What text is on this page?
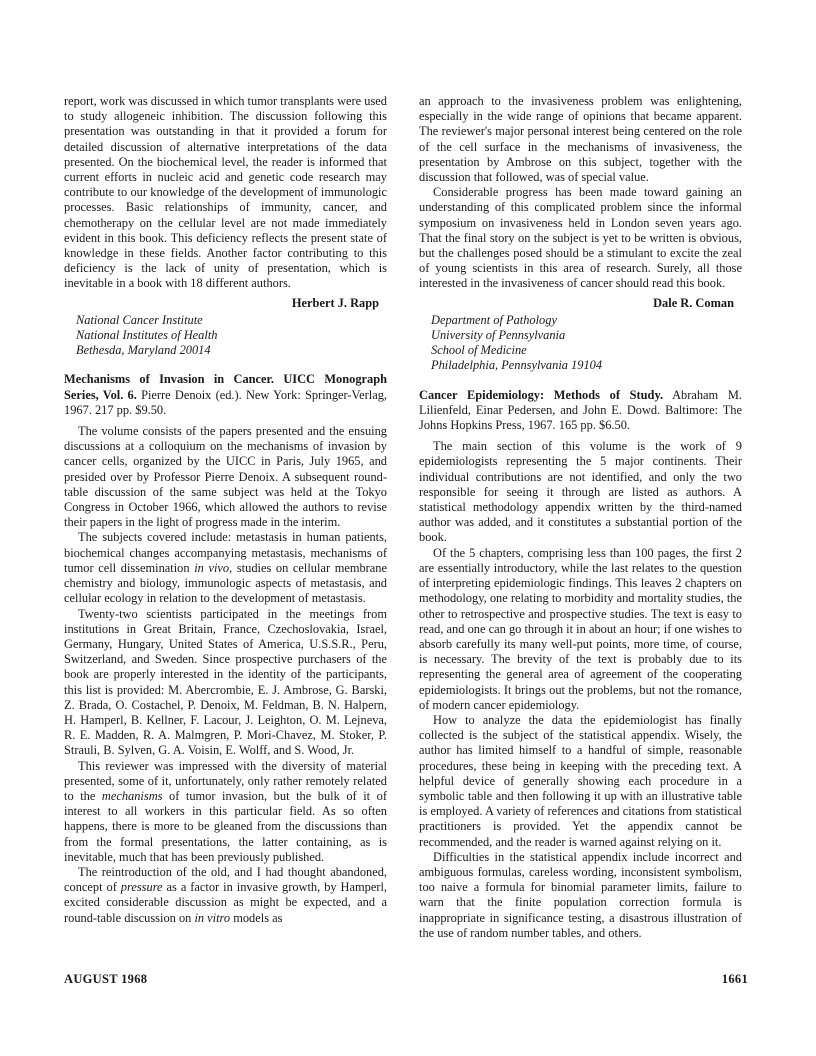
report, work was discussed in which tumor transplants were used to study allogeneic inhibition. The discussion following this presentation was outstanding in that it provided a forum for detailed discussion of alternative interpretations of the data presented. On the biochemical level, the reader is informed that current efforts in nucleic acid and genetic code research may contribute to our knowledge of the development of immunologic processes. Basic relationships of immunity, cancer, and chemotherapy on the cellular level are not made immediately evident in this book. This deficiency reflects the present state of knowledge in these fields. Another factor contributing to this deficiency is the lack of unity of presentation, which is inevitable in a book with 18 different authors.

Herbert J. Rapp

National Cancer Institute
National Institutes of Health
Bethesda, Maryland 20014

Mechanisms of Invasion in Cancer. UICC Monograph Series, Vol. 6. Pierre Denoix (ed.). New York: Springer-Verlag, 1967. 217 pp. $9.50.

The volume consists of the papers presented and the ensuing discussions at a colloquium on the mechanisms of invasion by cancer cells, organized by the UICC in Paris, July 1965, and presided over by Professor Pierre Denoix. A subsequent round-table discussion of the same subject was held at the Tokyo Congress in October 1966, which allowed the authors to revise their papers in the light of progress made in the interim.

The subjects covered include: metastasis in human patients, biochemical changes accompanying metastasis, mechanisms of tumor cell dissemination in vivo, studies on cellular membrane chemistry and biology, immunologic aspects of metastasis, and cellular ecology in relation to the development of metastasis.

Twenty-two scientists participated in the meetings from institutions in Great Britain, France, Czechoslovakia, Israel, Germany, Hungary, United States of America, U.S.S.R., Peru, Switzerland, and Sweden. Since prospective purchasers of the book are properly interested in the identity of the participants, this list is provided: M. Abercrombie, E. J. Ambrose, G. Barski, Z. Brada, O. Costachel, P. Denoix, M. Feldman, B. N. Halpern, H. Hamperl, B. Kellner, F. Lacour, J. Leighton, O. M. Lejneva, R. E. Madden, R. A. Malmgren, P. Mori-Chavez, M. Stoker, P. Strauli, B. Sylven, G. A. Voisin, E. Wolff, and S. Wood, Jr.

This reviewer was impressed with the diversity of material presented, some of it, unfortunately, only rather remotely related to the mechanisms of tumor invasion, but the bulk of it of interest to all workers in this particular field. As so often happens, there is more to be gleaned from the discussions than from the formal presentations, the latter containing, as is inevitable, much that has been previously published.

The reintroduction of the old, and I had thought abandoned, concept of pressure as a factor in invasive growth, by Hamperl, excited considerable discussion as might be expected, and a round-table discussion on in vitro models as

an approach to the invasiveness problem was enlightening, especially in the wide range of opinions that became apparent. The reviewer's major personal interest being centered on the role of the cell surface in the mechanisms of invasiveness, the presentation by Ambrose on this subject, together with the discussion that followed, was of special value.

Considerable progress has been made toward gaining an understanding of this complicated problem since the informal symposium on invasiveness held in London seven years ago. That the final story on the subject is yet to be written is obvious, but the challenges posed should be a stimulant to excite the zeal of young scientists in this area of research. Surely, all those interested in the invasiveness of cancer should read this book.

Dale R. Coman

Department of Pathology
University of Pennsylvania
School of Medicine
Philadelphia, Pennsylvania 19104

Cancer Epidemiology: Methods of Study. Abraham M. Lilienfeld, Einar Pedersen, and John E. Dowd. Baltimore: The Johns Hopkins Press, 1967. 165 pp. $6.50.

The main section of this volume is the work of 9 epidemiologists representing the 5 major continents. Their individual contributions are not identified, and only the two responsible for seeing it through are listed as authors. A statistical methodology appendix written by the third-named author was added, and it constitutes a substantial portion of the book.

Of the 5 chapters, comprising less than 100 pages, the first 2 are essentially introductory, while the last relates to the question of interpreting epidemiologic findings. This leaves 2 chapters on methodology, one relating to morbidity and mortality studies, the other to retrospective and prospective studies. The text is easy to read, and one can go through it in about an hour; if one wishes to absorb carefully its many well-put points, more time, of course, is necessary. The brevity of the text is probably due to its representing the general area of agreement of the cooperating epidemiologists. It brings out the problems, but not the romance, of modern cancer epidemiology.

How to analyze the data the epidemiologist has finally collected is the subject of the statistical appendix. Wisely, the author has limited himself to a handful of simple, reasonable procedures, these being in keeping with the preceding text. A helpful device of generally showing each procedure in a symbolic table and then following it up with an illustrative table is employed. A variety of references and citations from statistical practitioners is provided. Yet the appendix cannot be recommended, and the reader is warned against relying on it.

Difficulties in the statistical appendix include incorrect and ambiguous formulas, careless wording, inconsistent symbolism, too naive a formula for binomial parameter limits, failure to warn that the finite population correction formula is inappropriate in significance testing, a disastrous illustration of the use of random number tables, and others.

AUGUST 1968	1661
